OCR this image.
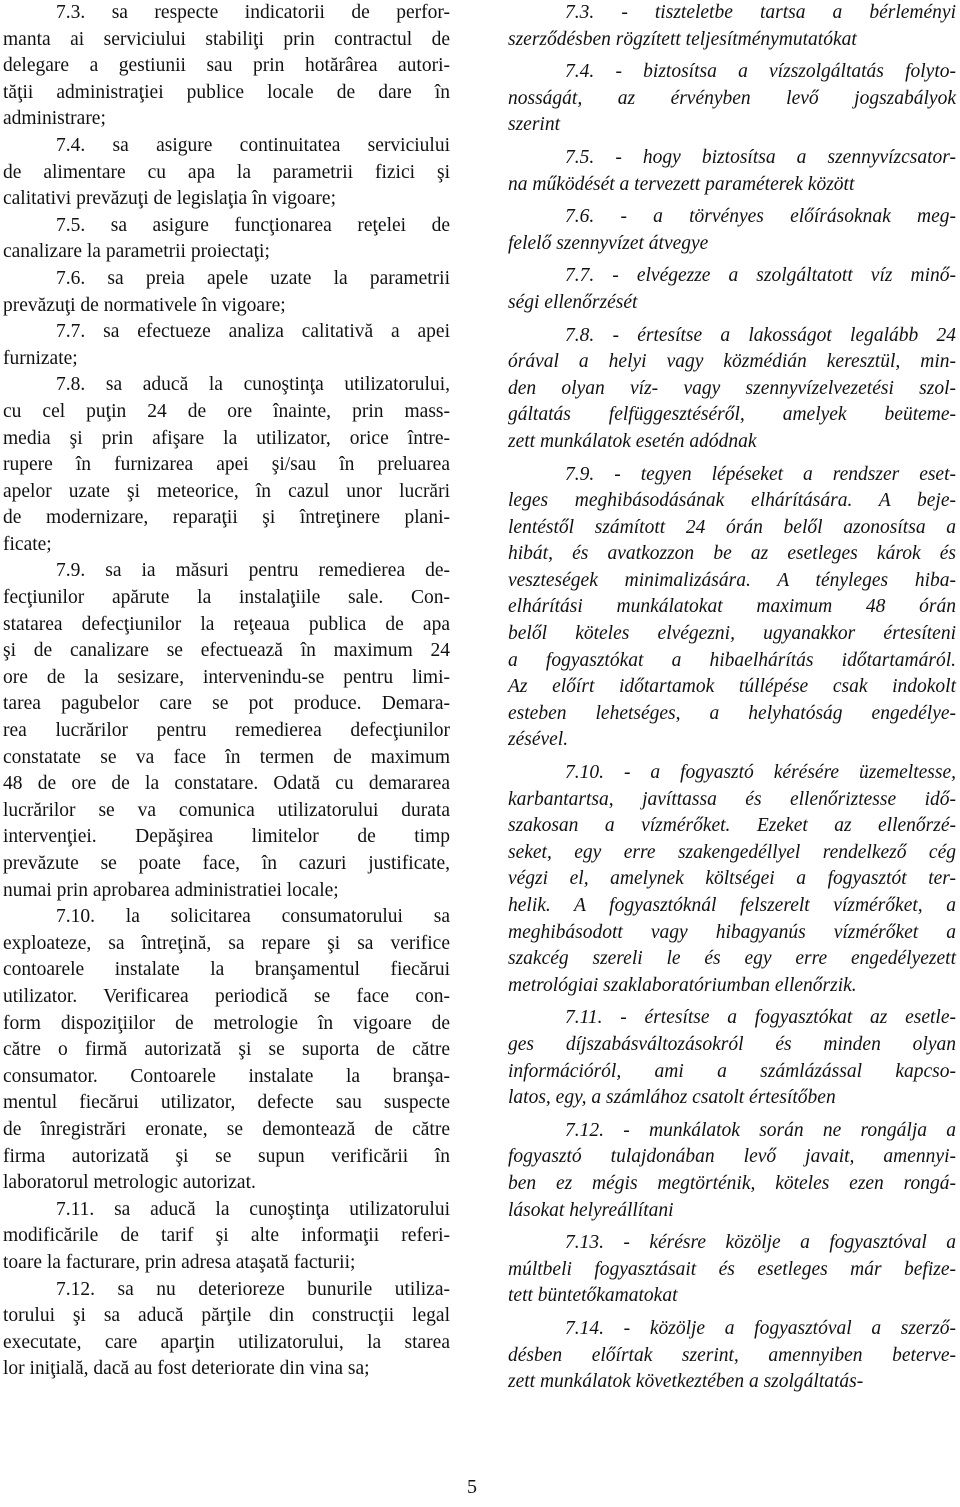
7.3. sa respecte indicatorii de perfor-
manta ai serviciului stabiliţi prin contractul de
delegare a gestiunii sau prin hotărârea autori-
tăţii administraţiei publice locale de dare în
administrare;
7.4. sa asigure continuitatea serviciului
de alimentare cu apa la parametrii fizici şi
calitativi prevăzuţi de legislaţia în vigoare;
7.5. sa asigure funcţionarea reţelei de
canalizare la parametrii proiectaţi;
7.6. sa preia apele uzate la parametrii
prevăzuţi de normativele în vigoare;
7.7. sa efectueze analiza calitativă a apei
furnizate;
7.8. sa aducă la cunoştinţa utilizatorului,
cu cel puţin 24 de ore înainte, prin mass-
media şi prin afişare la utilizator, orice între-
rupere în furnizarea apei şi/sau în preluarea
apelor uzate şi meteorice, în cazul unor lucrări
de modernizare, reparaţii şi întreţinere plani-
ficate;
7.9. sa ia măsuri pentru remedierea de-
fecţiunilor apărute la instalaţiile sale. Con-
statarea defecţiunilor la reţeaua publica de apa
şi de canalizare se efectuează în maximum 24
ore de la sesizare, intervenindu-se pentru limi-
tarea pagubelor care se pot produce. Demara-
rea lucrărilor pentru remedierea defecţiunilor
constatate se va face în termen de maximum
48 de ore de la constatare. Odată cu demararea
lucrărilor se va comunica utilizatorului durata
intervenţiei. Depăşirea limitelor de timp
prevăzute se poate face, în cazuri justificate,
numai prin aprobarea administratiei locale;
7.10. la solicitarea consumatorului sa
exploateze, sa întreţină, sa repare şi sa verifice
contoarele instalate la branşamentul fiecărui
utilizator. Verificarea periodică se face con-
form dispoziţiilor de metrologie în vigoare de
către o firmă autorizată şi se suporta de către
consumator. Contoarele instalate la branşa-
mentul fiecărui utilizator, defecte sau suspecte
de înregistrări eronate, se demontează de către
firma autorizată şi se supun verificării în
laboratorul metrologic autorizat.
7.11. sa aducă la cunoştinţa utilizatorului
modificările de tarif şi alte informaţii referi-
toare la facturare, prin adresa ataşată facturii;
7.12. sa nu deterioreze bunurile utiliza-
torului şi sa aducă părţile din construcţii legal
executate, care aparţin utilizatorului, la starea
lor iniţială, dacă au fost deteriorate din vina sa;
7.3. - tiszteletbe tartsa a bérleményi
szerződésben rögzített teljesítménymutatókat
7.4. - biztosítsa a vízszolgáltatás folyto-
nosságát, az érvényben levő jogszabályok
szerint
7.5. - hogy biztosítsa a szennyvízcsator-
na működését a tervezett paraméterek között
7.6. - a törvényes előírásoknak meg-
felelő szennyvízet átvegye
7.7. - elvégezze a szolgáltatott víz minő-
ségi ellenőrzését
7.8. - értesítse a lakosságot legalább 24
órával a helyi vagy közmédián keresztül, min-
den olyan víz- vagy szennyvízelvezetési szol-
gáltatás felfüggesztéséről, amelyek beüteme-
zett munkálatok esetén adódnak
7.9. - tegyen lépéseket a rendszer eset-
leges meghibásodásának elhárítására. A beje-
lentéstől számított 24 órán belől azonosítsa a
hibát, és avatkozzon be az esetleges károk és
veszteségek minimalizására. A tényleges hiba-
elhárítási munkálatokat maximum 48 órán
belől köteles elvégezni, ugyanakkor értesíteni
a fogyasztókat a hibaelhárítás időtartamáról.
Az előírt időtartamok túllépése csak indokolt
esteben lehetséges, a helyhatóság engedélye-
zésével.
7.10. - a fogyasztó kérésére üzemeltesse,
karbantartsa, javíttassa és ellenőriztesse idő-
szakosan a vízmérőket. Ezeket az ellenőrzé-
seket, egy erre szakengedéllyel rendelkező cég
végzi el, amelynek költségei a fogyasztót ter-
helik. A fogyasztóknál felszerelt vízmérőket, a
meghibásodott vagy hibagyanús vízmérőket a
szakcég szereli le és egy erre engedélyezett
metrológiai szaklaboratóriumban ellenőrzik.
7.11. - értesítse a fogyasztókat az esetle-
ges díjszabásváltozásokról és minden olyan
információról, ami a számlázással kapcso-
latos, egy, a számlához csatolt értesítőben
7.12. - munkálatok során ne rongálja a
fogyasztó tulajdonában levő javait, amennyi-
ben ez mégis megtörténik, köteles ezen rongá-
lásokat helyreállítani
7.13. - kérésre közölje a fogyasztóval a
múltbeli fogyasztásait és esetleges már befize-
tett büntetőkamatokat
7.14. - közölje a fogyasztóval a szerző-
désben előírtak szerint, amennyiben beterve-
zett munkálatok következtében a szolgáltatás-
5
